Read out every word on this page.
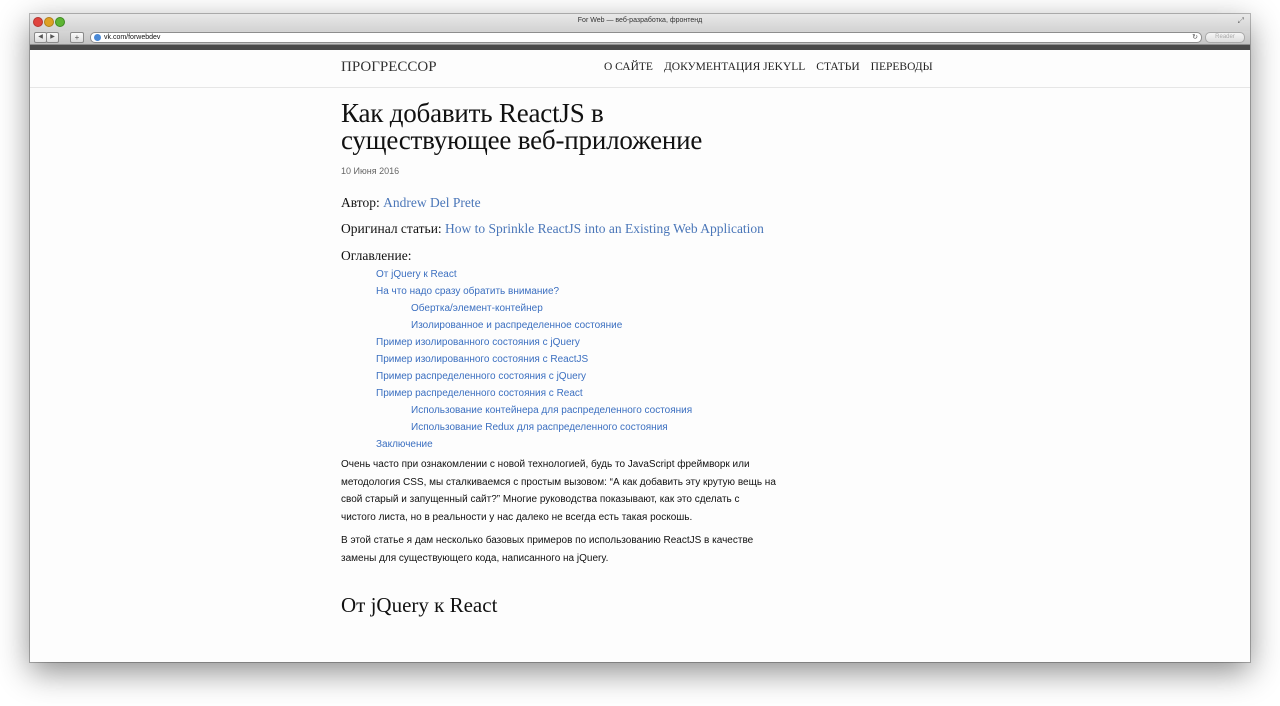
For Web — веб-разработка, фронтенд	⤢
◀	▶	+	vk.com/forwebdev	↻	Reader
ПРОГРЕССОР	О САЙТЕ ДОКУМЕНТАЦИЯ JEKYLL СТАТЬИ ПЕРЕВОДЫ
Как добавить ReactJS в
существующее веб-приложение
10 Июня 2016
Автор: Andrew Del Prete
Оригинал статьи: How to Sprinkle ReactJS into an Existing Web Application
Оглавление:
От jQuery к React
На что надо сразу обратить внимание?
Обертка/элемент-контейнер
Изолированное и распределенное состояние
Пример изолированного состояния с jQuery
Пример изолированного состояния с ReactJS
Пример распределенного состояния с jQuery
Пример распределенного состояния с React
Использование контейнера для распределенного состояния
Использование Redux для распределенного состояния
Заключение

Очень часто при ознакомлении с новой технологией, будь то JavaScript фреймворк или методология CSS, мы сталкиваемся с простым вызовом: “А как добавить эту крутую вещь на свой старый и запущенный сайт?” Многие руководства показывают, как это сделать с чистого листа, но в реальности у нас далеко не всегда есть такая роскошь.

В этой статье я дам несколько базовых примеров по использованию ReactJS в качестве замены для существующего кода, написанного на jQuery.

От jQuery к React
